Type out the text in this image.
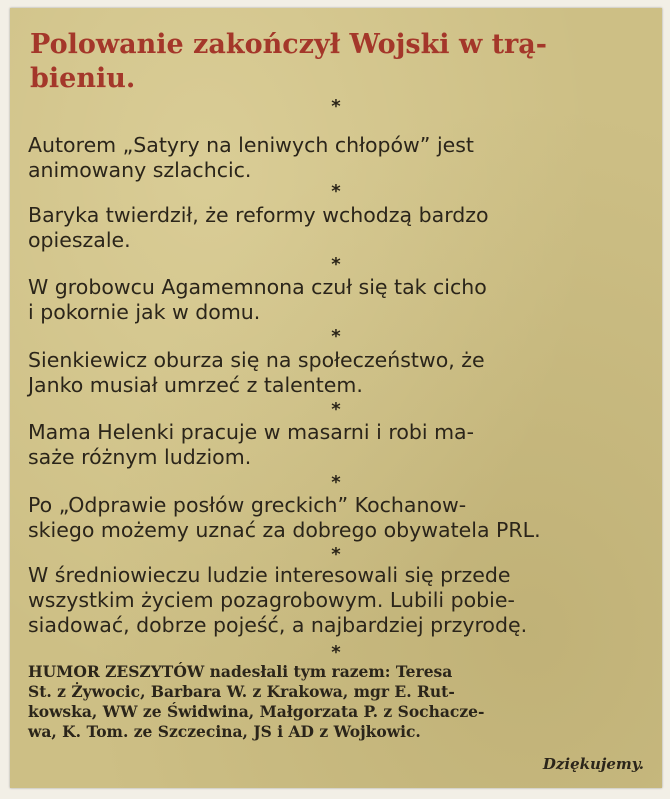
Polowanie zakończył Wojski w trą-
bieniu.
*

Autorem „Satyry na leniwych chłopów” jest
animowany szlachcic.

*

Baryka twierdził, że reformy wchodzą bardzo
opieszale.

*

W grobowcu Agamemnona czuł się tak cicho
i pokornie jak w domu.

*

Sienkiewicz oburza się na społeczeństwo, że
Janko musiał umrzeć z talentem.

*

Mama Helenki pracuje w masarni i robi ma-
saże różnym ludziom.

*

Po „Odprawie posłów greckich” Kochanow-
skiego możemy uznać za dobrego obywatela PRL.

*

W średniowieczu ludzie interesowali się przede
wszystkim życiem pozagrobowym. Lubili pobie-
siadować, dobrze pojeść, a najbardziej przyrodę.

*

HUMOR ZESZYTÓW nadesłali tym razem: Teresa
St. z Żywocic, Barbara W. z Krakowa, mgr E. Rut-
kowska, WW ze Świdwina, Małgorzata P. z Sochacze-
wa, K. Tom. ze Szczecina, JS i AD z Wojkowic.

Dziękujemy.
